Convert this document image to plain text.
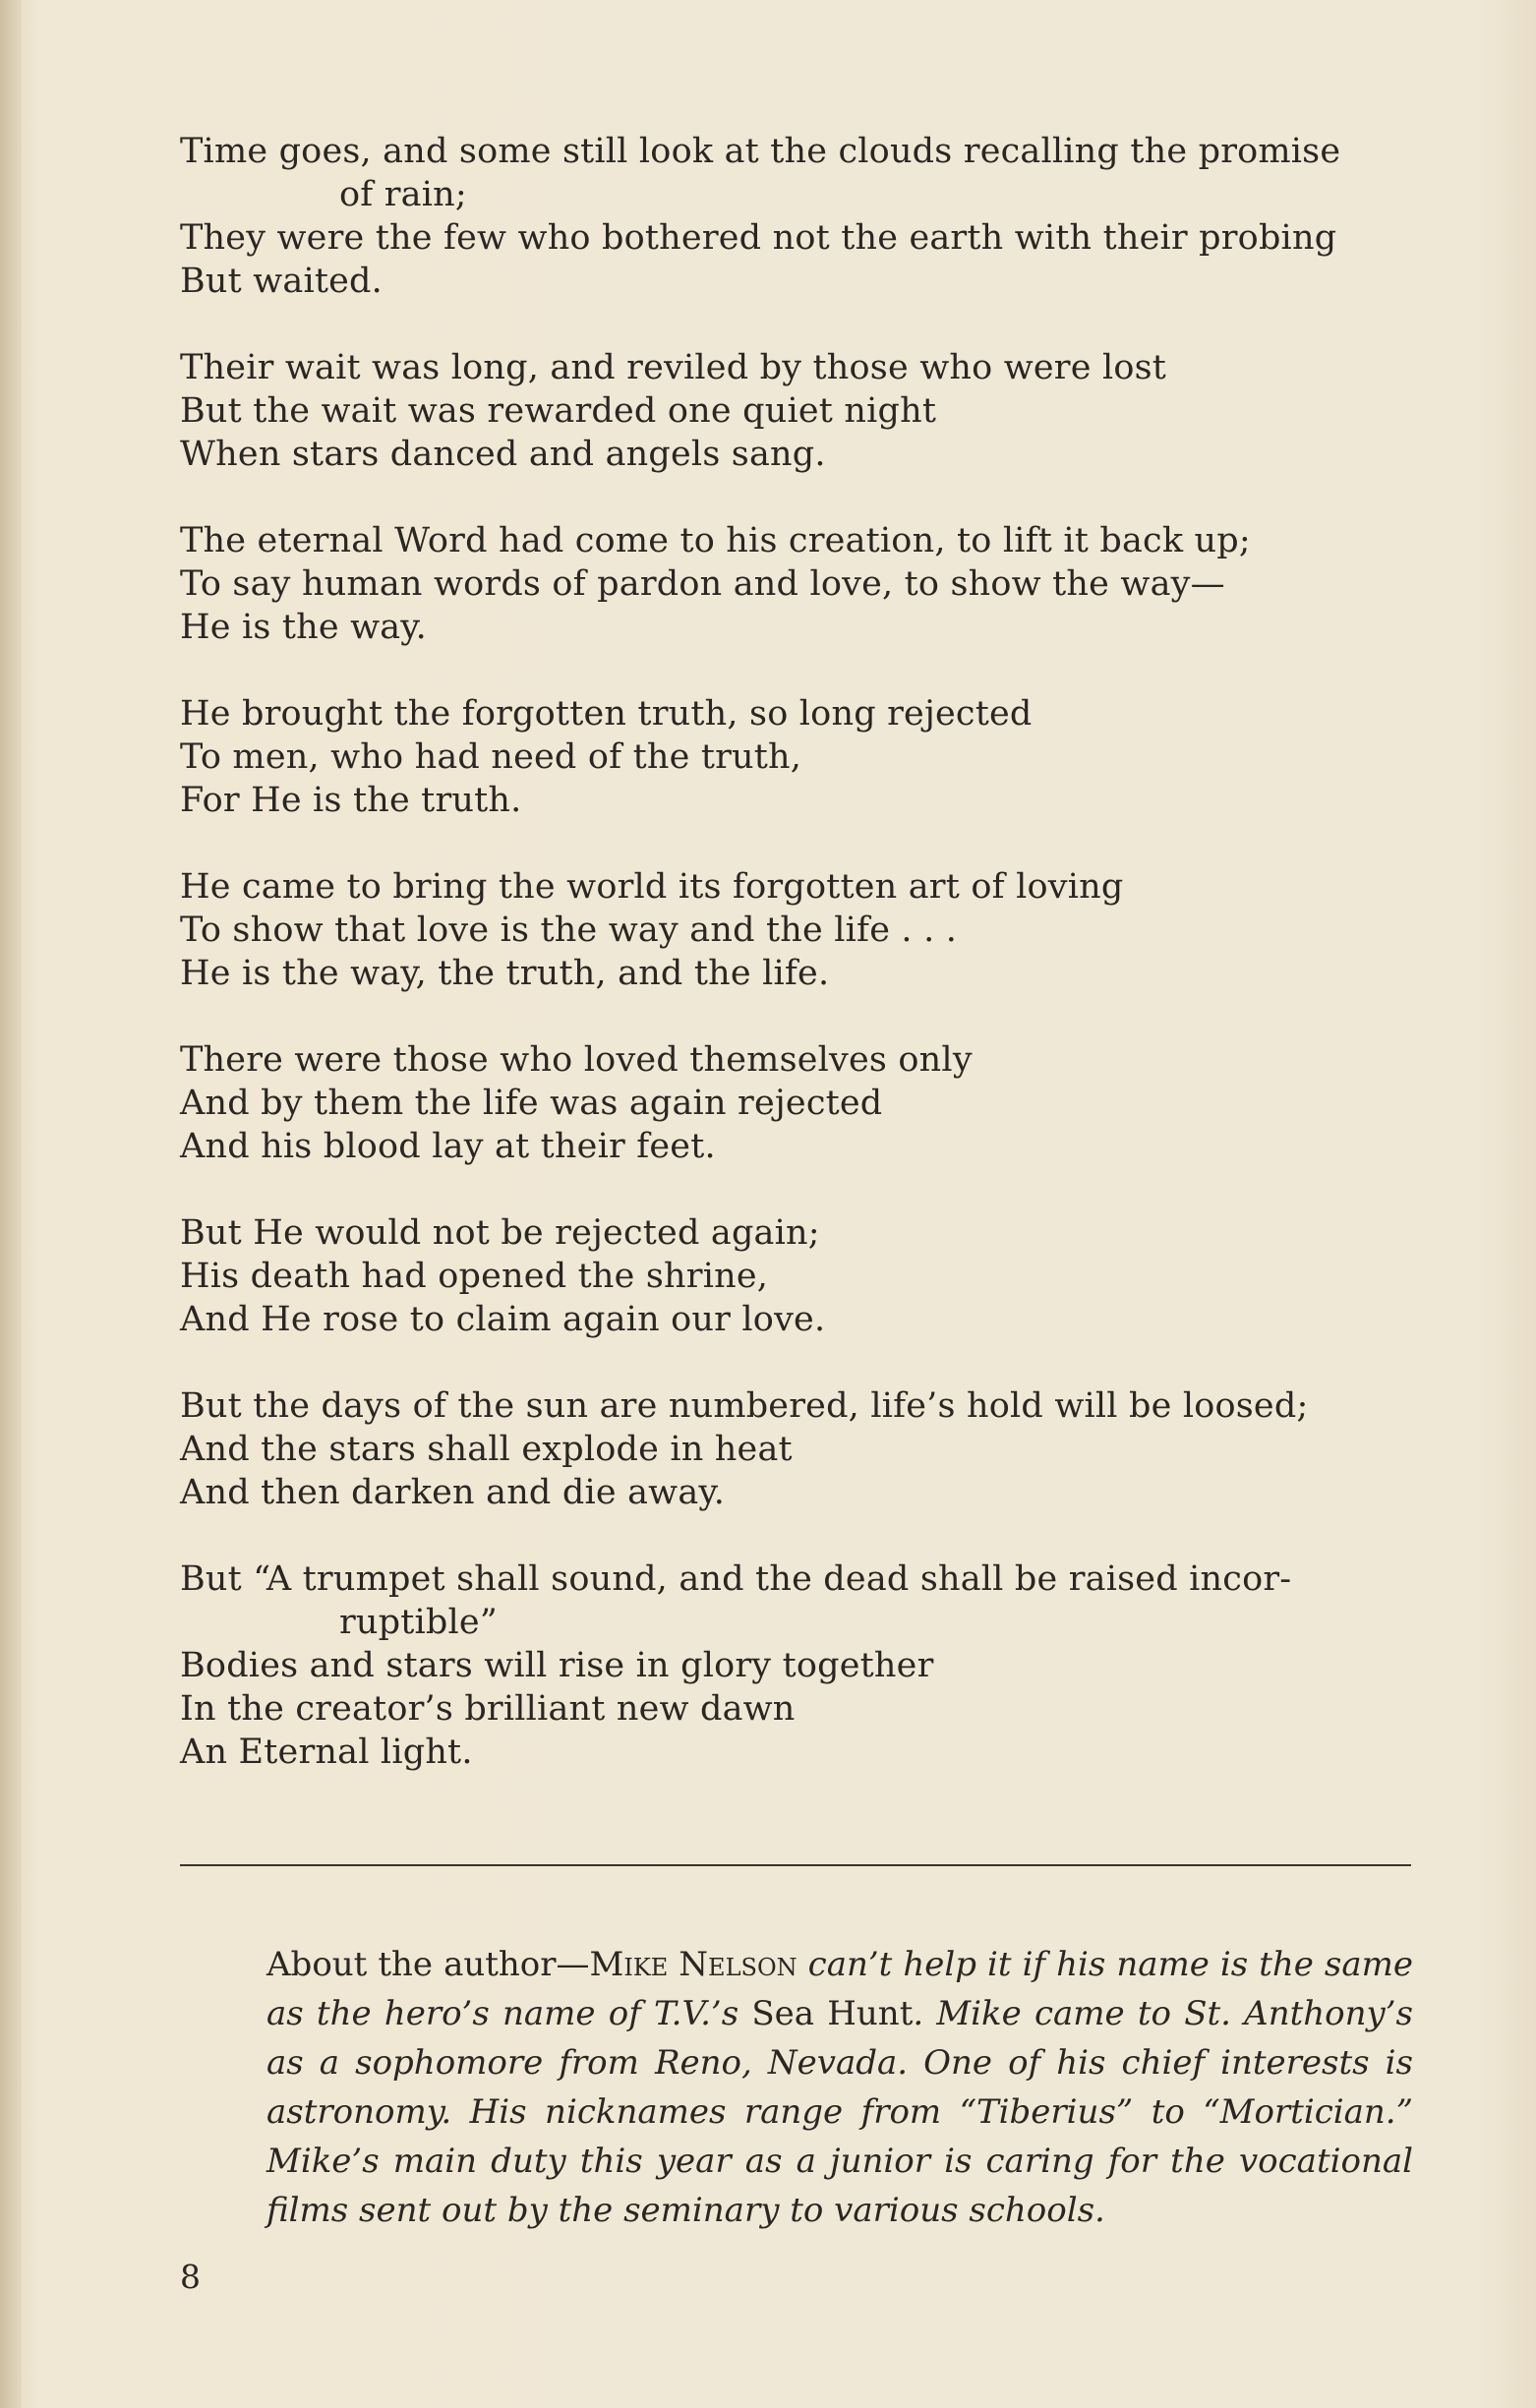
Time goes, and some still look at the clouds recalling the promise
of rain;
They were the few who bothered not the earth with their probing
But waited.
Their wait was long, and reviled by those who were lost
But the wait was rewarded one quiet night
When stars danced and angels sang.
The eternal Word had come to his creation, to lift it back up;
To say human words of pardon and love, to show the way—
He is the way.
He brought the forgotten truth, so long rejected
To men, who had need of the truth,
For He is the truth.
He came to bring the world its forgotten art of loving
To show that love is the way and the life . . .
He is the way, the truth, and the life.
There were those who loved themselves only
And by them the life was again rejected
And his blood lay at their feet.
But He would not be rejected again;
His death had opened the shrine,
And He rose to claim again our love.
But the days of the sun are numbered, life’s hold will be loosed;
And the stars shall explode in heat
And then darken and die away.
But “A trumpet shall sound, and the dead shall be raised incor-
ruptible”
Bodies and stars will rise in glory together
In the creator’s brilliant new dawn
An Eternal light.
About the author—Mike Nelson can’t help it if his name is the same as the hero’s name of T.V.’s Sea Hunt. Mike came to St. Anthony’s as a sophomore from Reno, Nevada. One of his chief interests is astronomy. His nicknames range from “Tiberius” to “Mortician.” Mike’s main duty this year as a junior is caring for the vocational films sent out by the seminary to various schools.
8
